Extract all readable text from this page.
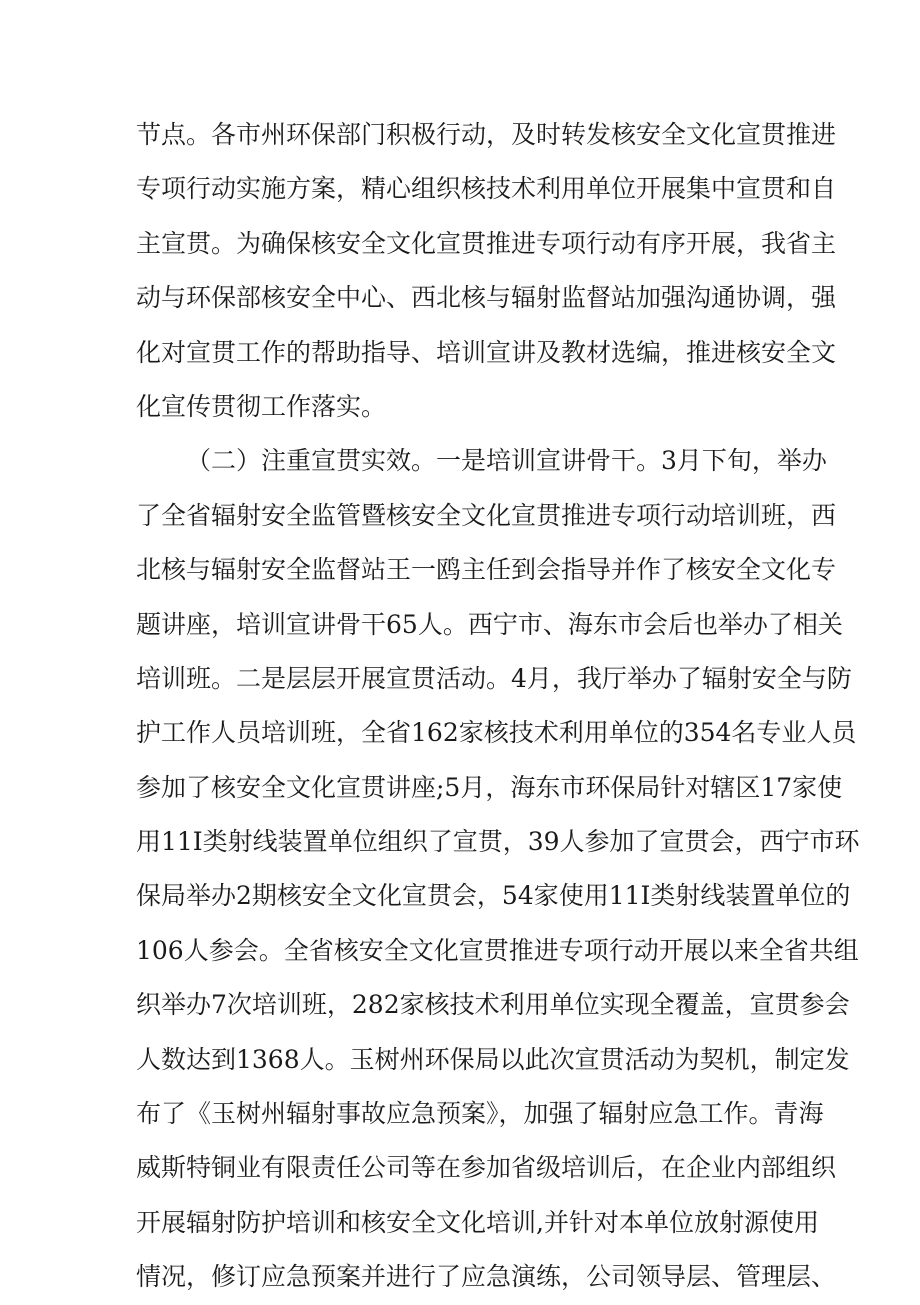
节点。各市州环保部门积极行动，及时转发核安全文化宣贯推进
专项行动实施方案，精心组织核技术利用单位开展集中宣贯和自
主宣贯。为确保核安全文化宣贯推进专项行动有序开展，我省主
动与环保部核安全中心、西北核与辐射监督站加强沟通协调，强
化对宣贯工作的帮助指导、培训宣讲及教材选编，推进核安全文
化宣传贯彻工作落实。
（二）注重宣贯实效。一是培训宣讲骨干。3月下旬，举办
了全省辐射安全监管暨核安全文化宣贯推进专项行动培训班，西
北核与辐射安全监督站王一鸥主任到会指导并作了核安全文化专
题讲座，培训宣讲骨干65人。西宁市、海东市会后也举办了相关
培训班。二是层层开展宣贯活动。4月，我厅举办了辐射安全与防
护工作人员培训班，全省162家核技术利用单位的354名专业人员
参加了核安全文化宣贯讲座;5月，海东市环保局针对辖区17家使
用11I类射线装置单位组织了宣贯，39人参加了宣贯会，西宁市环
保局举办2期核安全文化宣贯会，54家使用11I类射线装置单位的
106人参会。全省核安全文化宣贯推进专项行动开展以来全省共组
织举办7次培训班，282家核技术利用单位实现全覆盖，宣贯参会
人数达到1368人。玉树州环保局以此次宣贯活动为契机，制定发
布了《玉树州辐射事故应急预案》，加强了辐射应急工作。青海
威斯特铜业有限责任公司等在参加省级培训后，在企业内部组织
开展辐射防护培训和核安全文化培训,并针对本单位放射源使用
情况，修订应急预案并进行了应急演练，公司领导层、管理层、
